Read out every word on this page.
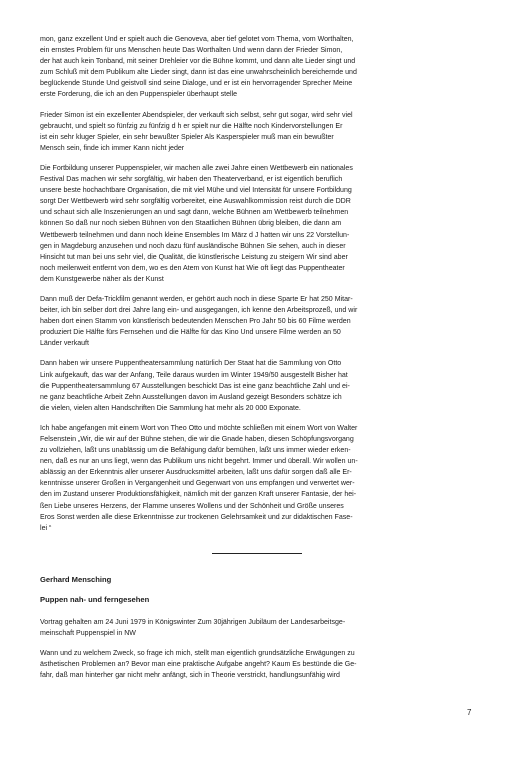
mon, ganz exzellent Und er spielt auch die Genoveva, aber tief gelotet vom Thema, vom Worthalten,
ein ernstes Problem für uns Menschen heute Das Worthalten Und wenn dann der Frieder Simon,
der hat auch kein Tonband, mit seiner Drehleier vor die Bühne kommt, und dann alte Lieder singt und
zum Schluß mit dem Publikum alte Lieder singt, dann ist das eine unwahrscheinlich bereichernde und
beglückende Stunde Und geistvoll sind seine Dialoge, und er ist ein hervorragender Sprecher Meine
erste Forderung, die ich an den Puppenspieler überhaupt stelle

Frieder Simon ist ein exzellenter Abendspieler, der verkauft sich selbst, sehr gut sogar, wird sehr viel
gebraucht, und spielt so fünfzig zu fünfzig d h er spielt nur die Hälfte noch Kindervorstellungen Er
ist ein sehr kluger Spieler, ein sehr bewußter Spieler Als Kasperspieler muß man ein bewußter
Mensch sein, finde ich immer Kann nicht jeder

Die Fortbildung unserer Puppenspieler, wir machen alle zwei Jahre einen Wettbewerb ein nationales
Festival Das machen wir sehr sorgfältig, wir haben den Theaterverband, er ist eigentlich beruflich
unsere beste hochachtbare Organisation, die mit viel Mühe und viel Intensität für unsere Fortbildung
sorgt Der Wettbewerb wird sehr sorgfältig vorbereitet, eine Auswahlkommission reist durch die DDR
und schaut sich alle Inszenierungen an und sagt dann, welche Bühnen am Wettbewerb teilnehmen
können So daß nur noch sieben Bühnen von den Staatlichen Bühnen übrig bleiben, die dann am
Wettbewerb teilnehmen und dann noch kleine Ensembles Im März d J hatten wir uns 22 Vorstellun-
gen in Magdeburg anzusehen und noch dazu fünf ausländische Bühnen Sie sehen, auch in dieser
Hinsicht tut man bei uns sehr viel, die Qualität, die künstlerische Leistung zu steigern Wir sind aber
noch meilenweit entfernt von dem, wo es den Atem von Kunst hat Wie oft liegt das Puppentheater
dem Kunstgewerbe näher als der Kunst

Dann muß der Defa-Trickfilm genannt werden, er gehört auch noch in diese Sparte Er hat 250 Mitar-
beiter, ich bin selber dort drei Jahre lang ein- und ausgegangen, ich kenne den Arbeitsprozeß, und wir
haben dort einen Stamm von künstlerisch bedeutenden Menschen Pro Jahr 50 bis 60 Filme werden
produziert Die Hälfte fürs Fernsehen und die Hälfte für das Kino Und unsere Filme werden an 50
Länder verkauft

Dann haben wir unsere Puppentheatersammlung natürlich Der Staat hat die Sammlung von Otto
Link aufgekauft, das war der Anfang, Teile daraus wurden im Winter 1949/50 ausgestellt Bisher hat
die Puppentheatersammlung 67 Ausstellungen beschickt Das ist eine ganz beachtliche Zahl und ei-
ne ganz beachtliche Arbeit Zehn Ausstellungen davon im Ausland gezeigt Besonders schätze ich
die vielen, vielen alten Handschriften Die Sammlung hat mehr als 20 000 Exponate.

Ich habe angefangen mit einem Wort von Theo Otto und möchte schließen mit einem Wort von Walter
Felsenstein „Wir, die wir auf der Bühne stehen, die wir die Gnade haben, diesen Schöpfungsvorgang
zu vollziehen, laßt uns unablässig um die Befähigung dafür bemühen, laßt uns immer wieder erken-
nen, daß es nur an uns liegt, wenn das Publikum uns nicht begehrt. Immer und überall. Wir wollen un-
ablässig an der Erkenntnis aller unserer Ausdrucksmittel arbeiten, laßt uns dafür sorgen daß alle Er-
kenntnisse unserer Großen in Vergangenheit und Gegenwart von uns empfangen und verwertet wer-
den im Zustand unserer Produktionsfähigkeit, nämlich mit der ganzen Kraft unserer Fantasie, der hei-
ßen Liebe unseres Herzens, der Flamme unseres Wollens und der Schönheit und Größe unseres
Eros Sonst werden alle diese Erkenntnisse zur trockenen Gelehrsamkeit und zur didaktischen Fase-
lei “

Gerhard Mensching
Puppen nah- und ferngesehen

Vortrag gehalten am 24 Juni 1979 in Königswinter Zum 30jährigen Jubiläum der Landesarbeitsge-
meinschaft Puppenspiel in NW

Wann und zu welchem Zweck, so frage ich mich, stellt man eigentlich grundsätzliche Erwägungen zu
ästhetischen Problemen an? Bevor man eine praktische Aufgabe angeht? Kaum Es bestünde die Ge-
fahr, daß man hinterher gar nicht mehr anfängt, sich in Theorie verstrickt, handlungsunfähig wird

7
